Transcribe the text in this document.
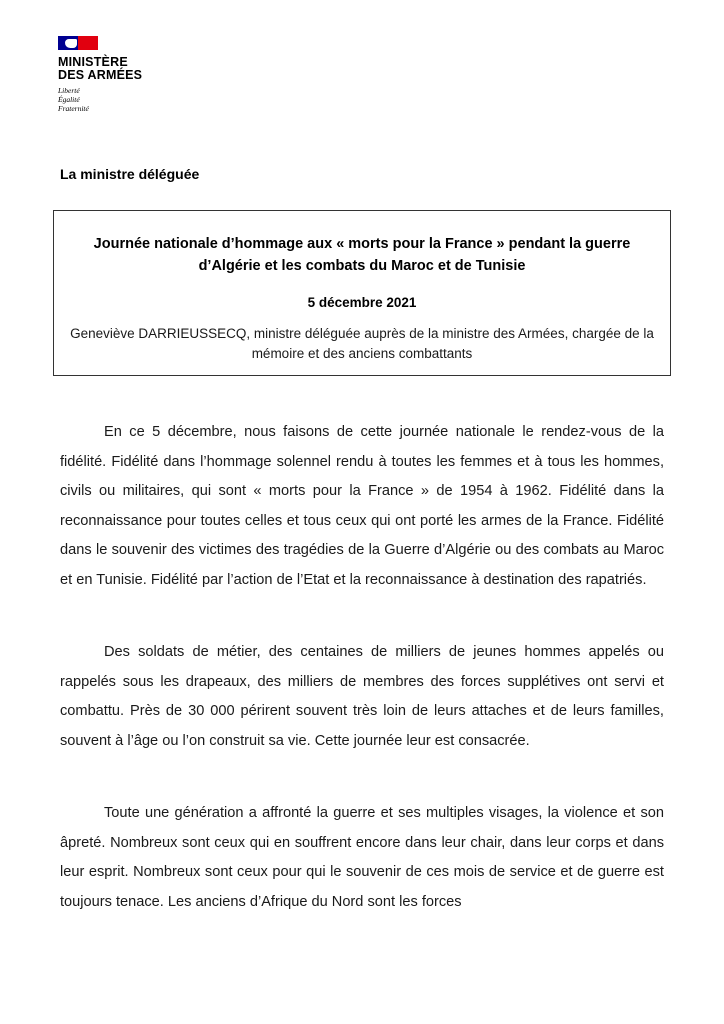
MINISTÈRE
DES ARMÉES
Liberté
Égalité
Fraternité
La ministre déléguée
Journée nationale d’hommage aux « morts pour la France » pendant la guerre d’Algérie et les combats du Maroc et de Tunisie
5 décembre 2021
Geneviève DARRIEUSSECQ, ministre déléguée auprès de la ministre des Armées, chargée de la mémoire et des anciens combattants

En ce 5 décembre, nous faisons de cette journée nationale le rendez-vous de la fidélité. Fidélité dans l’hommage solennel rendu à toutes les femmes et à tous les hommes, civils ou militaires, qui sont « morts pour la France » de 1954 à 1962. Fidélité dans la reconnaissance pour toutes celles et tous ceux qui ont porté les armes de la France. Fidélité dans le souvenir des victimes des tragédies de la Guerre d’Algérie ou des combats au Maroc et en Tunisie. Fidélité par l’action de l’Etat et la reconnaissance à destination des rapatriés.

Des soldats de métier, des centaines de milliers de jeunes hommes appelés ou rappelés sous les drapeaux, des milliers de membres des forces supplétives ont servi et combattu. Près de 30 000 périrent souvent très loin de leurs attaches et de leurs familles, souvent à l’âge ou l’on construit sa vie. Cette journée leur est consacrée.

Toute une génération a affronté la guerre et ses multiples visages, la violence et son âpreté. Nombreux sont ceux qui en souffrent encore dans leur chair, dans leur corps et dans leur esprit. Nombreux sont ceux pour qui le souvenir de ces mois de service et de guerre est toujours tenace. Les anciens d’Afrique du Nord sont les forces
